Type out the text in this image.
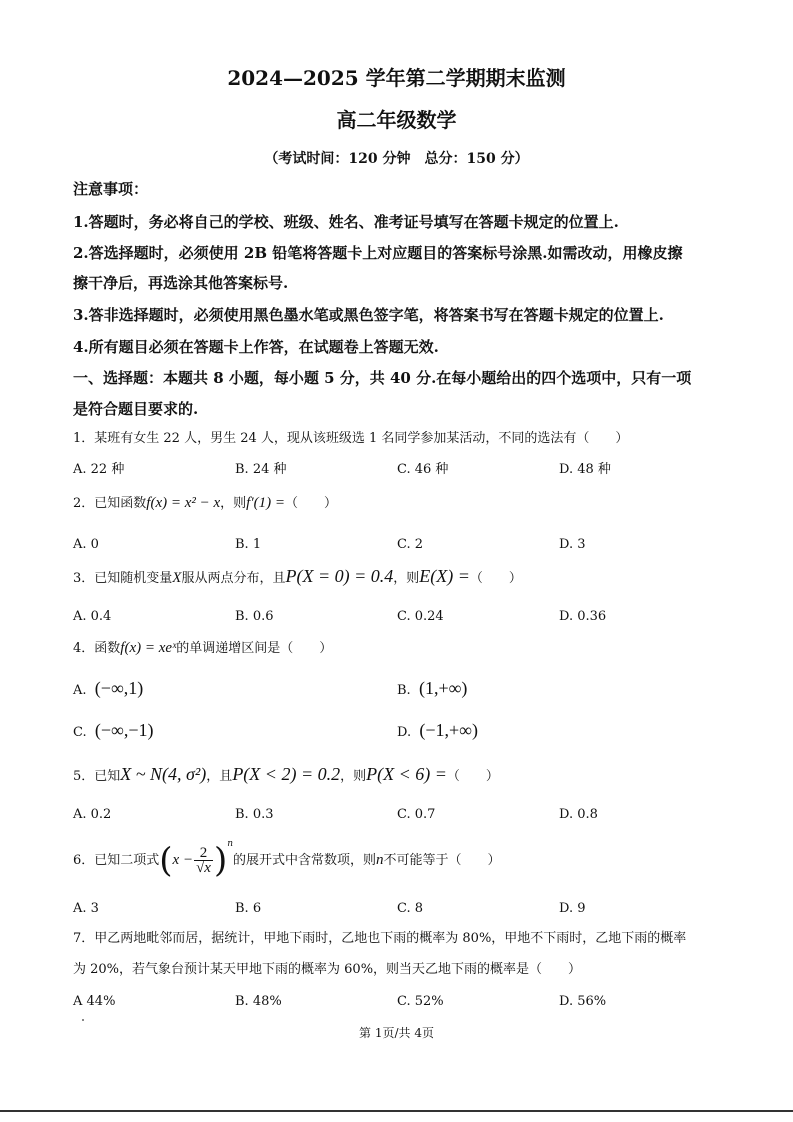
2024—2025 学年第二学期期末监测
高二年级数学
（考试时间：120 分钟　总分：150 分）
注意事项：
1.答题时，务必将自己的学校、班级、姓名、准考证号填写在答题卡规定的位置上.
2.答选择题时，必须使用 2B 铅笔将答题卡上对应题目的答案标号涂黑.如需改动，用橡皮擦
擦干净后，再选涂其他答案标号.
3.答非选择题时，必须使用黑色墨水笔或黑色签字笔，将答案书写在答题卡规定的位置上.
4.所有题目必须在答题卡上作答，在试题卷上答题无效.
一、选择题：本题共 8 小题，每小题 5 分，共 40 分.在每小题给出的四个选项中，只有一项
是符合题目要求的.
1．某班有女生 22 人，男生 24 人，现从该班级选 1 名同学参加某活动，不同的选法有（　　）
A. 22 种	B. 24 种	C. 46 种	D. 48 种
2．已知函数f(x) = x² − x，则f′(1) =（　　）
A. 0	B. 1	C. 2	D. 3
3．已知随机变量X服从两点分布，且P(X = 0) = 0.4，则E(X) =（　　）
A. 0.4	B. 0.6	C. 0.24	D. 0.36
4．函数f(x) = xeˣ的单调递增区间是（　　）
A. (−∞,1)	B. (1,+∞)
C. (−∞,−1)	D. (−1,+∞)
5．已知X ~ N(4, σ²)，且P(X < 2) = 0.2，则P(X < 6) =（　　）
A. 0.2	B. 0.3	C. 0.7	D. 0.8
6．已知二项式$(x - \frac{2}{√x} )^n$的展开式中含常数项，则n不可能等于（　　）
A. 3	B. 6	C. 8	D. 9
7．甲乙两地毗邻而居，据统计，甲地下雨时，乙地也下雨的概率为 80%，甲地不下雨时，乙地下雨的概率
为 20%，若气象台预计某天甲地下雨的概率为 60%，则当天乙地下雨的概率是（　　）
A 44%	B. 48%	C. 52%	D. 56%
第 1页/共 4页
